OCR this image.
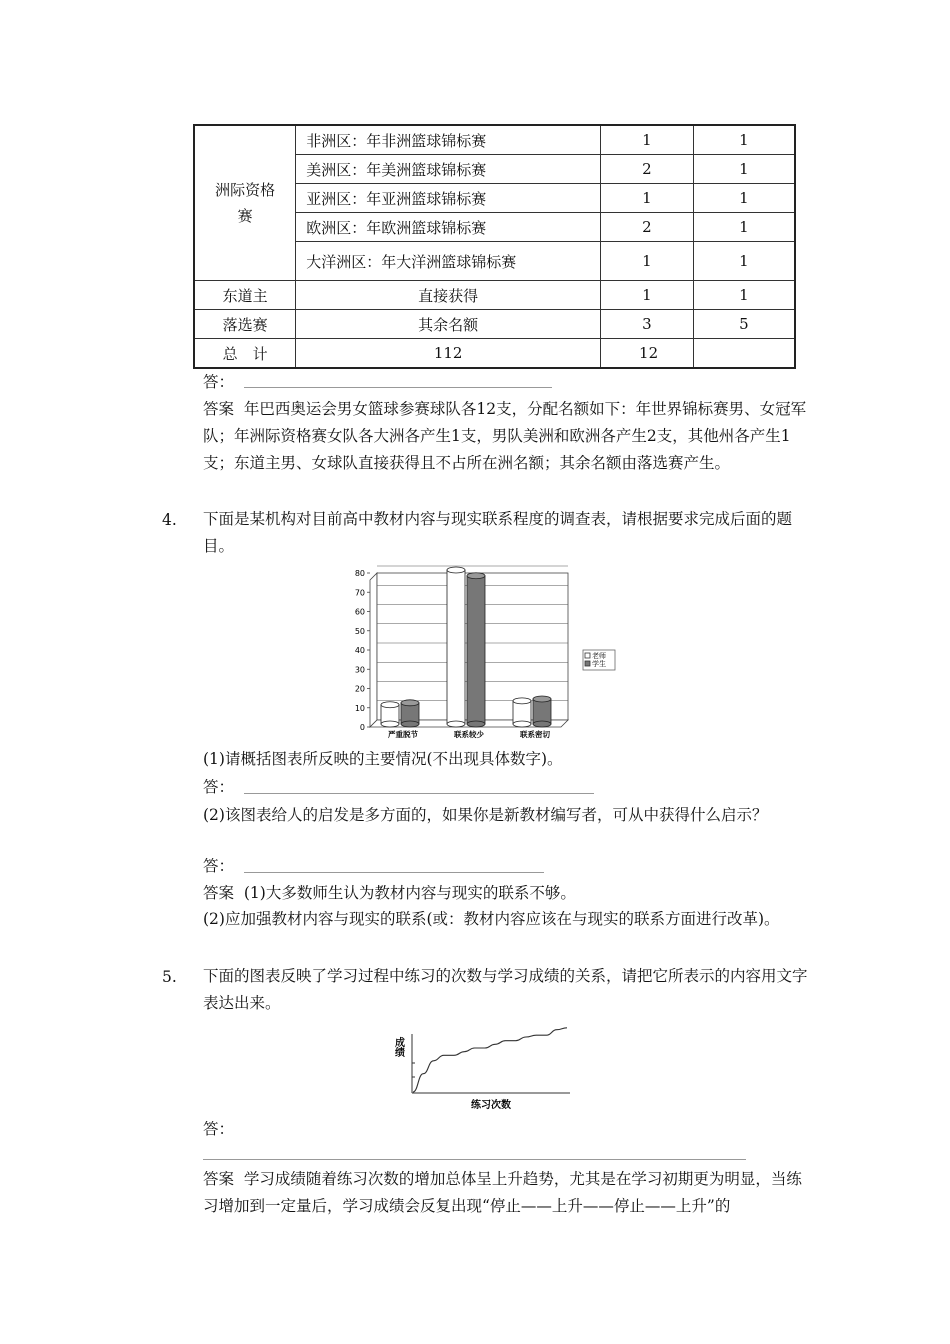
洲际资格赛	非洲区：年非洲篮球锦标赛	1	1
	美洲区：年美洲篮球锦标赛	2	1
	亚洲区：年亚洲篮球锦标赛	1	1
	欧洲区：年欧洲篮球锦标赛	2	1
	大洋洲区：年大洋洲篮球锦标赛	1	1
东道主	直接获得	1	1
落选赛	其余名额	3	5
总　计	112	12	
答：
答案 年巴西奥运会男女篮球参赛球队各12支，分配名额如下：年世界锦标赛男、女冠军队；年洲际资格赛女队各大洲各产生1支，男队美洲和欧洲各产生2支，其他州各产生1支；东道主男、女球队直接获得且不占所在洲名额；其余名额由落选赛产生。
4. 下面是某机构对目前高中教材内容与现实联系程度的调查表，请根据要求完成后面的题目。
0
10
20
30
40
50
60
70
80
严重脱节	联系较少	联系密切
老师
学生
(1)请概括图表所反映的主要情况(不出现具体数字)。
答：
(2)该图表给人的启发是多方面的，如果你是新教材编写者，可从中获得什么启示？
答：
答案 (1)大多数师生认为教材内容与现实的联系不够。
(2)应加强教材内容与现实的联系(或：教材内容应该在与现实的联系方面进行改革)。
5. 下面的图表反映了学习过程中练习的次数与学习成绩的关系，请把它所表示的内容用文字表达出来。
成绩
练习次数
答：
答案 学习成绩随着练习次数的增加总体呈上升趋势，尤其是在学习初期更为明显，当练习增加到一定量后，学习成绩会反复出现“停止——上升——停止——上升”的
